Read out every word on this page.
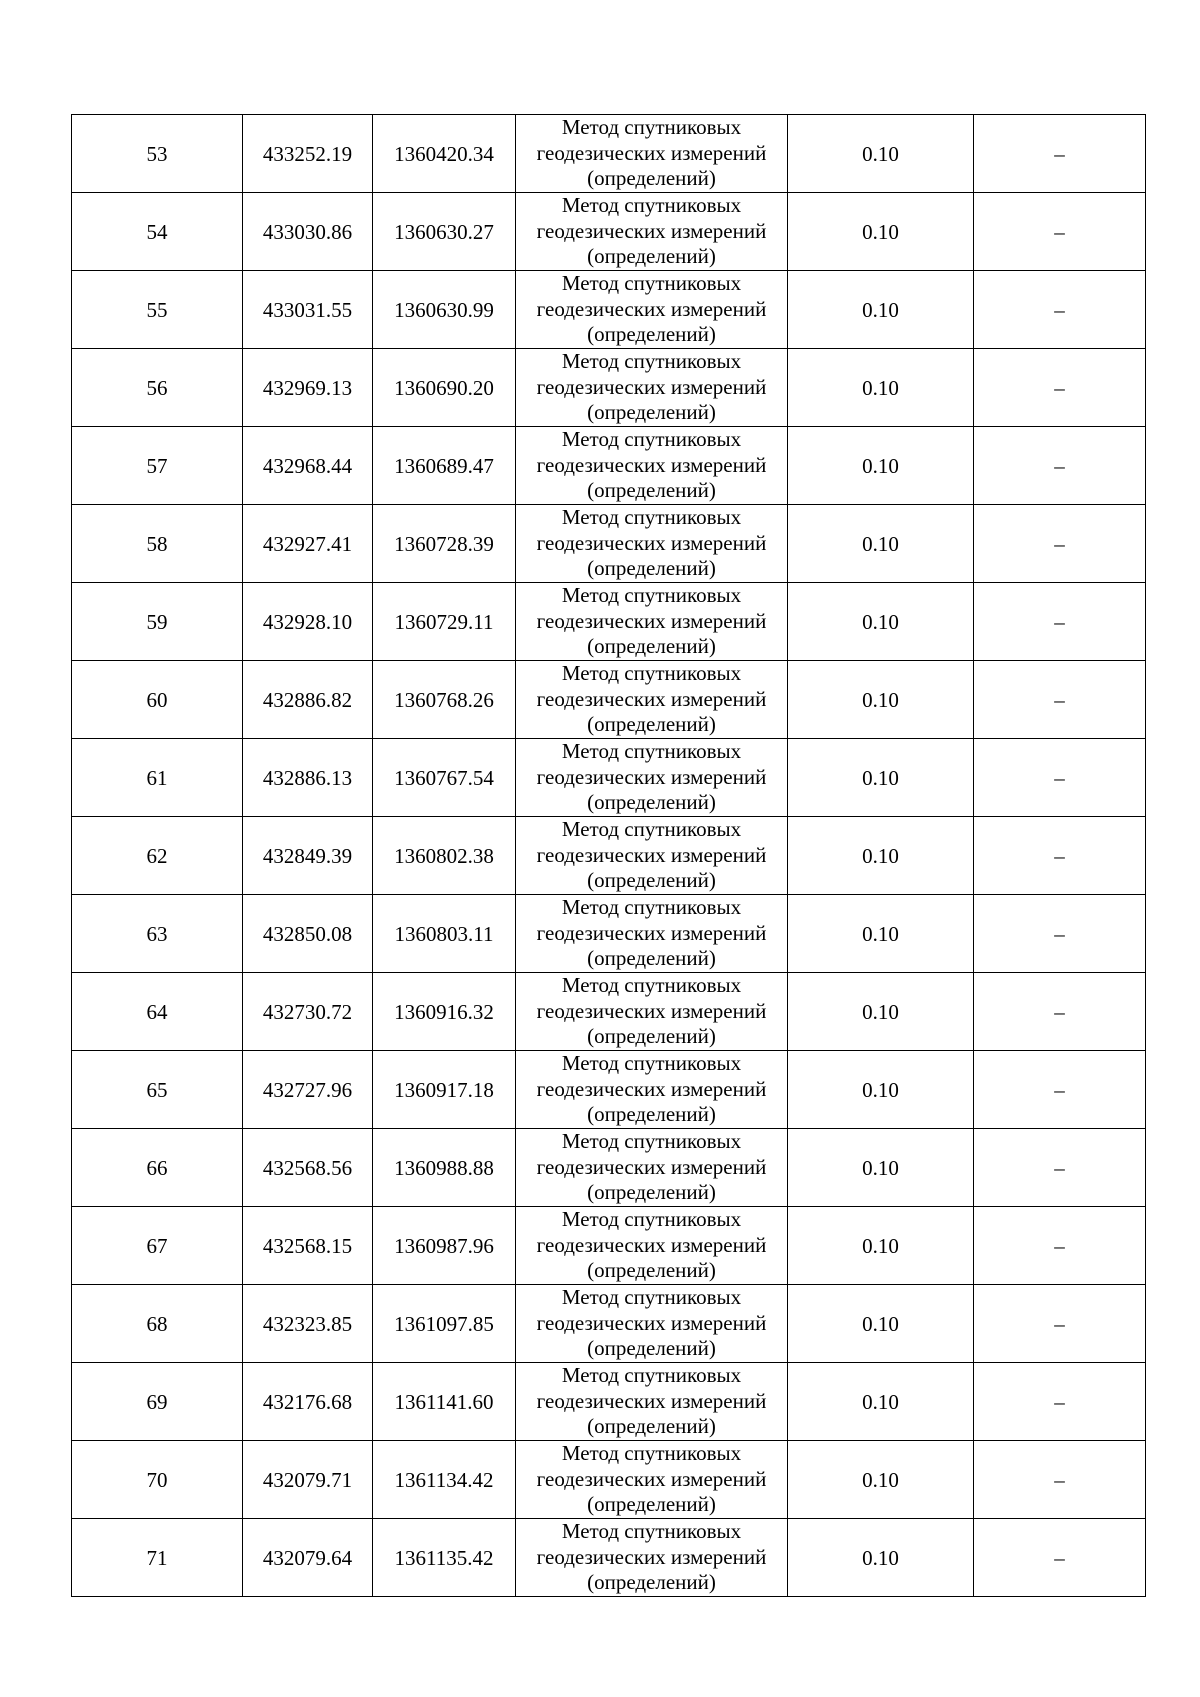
53	433252.19	1360420.34	Метод спутниковых
геодезических измерений
(определений)	0.10	–
54	433030.86	1360630.27	Метод спутниковых
геодезических измерений
(определений)	0.10	–
55	433031.55	1360630.99	Метод спутниковых
геодезических измерений
(определений)	0.10	–
56	432969.13	1360690.20	Метод спутниковых
геодезических измерений
(определений)	0.10	–
57	432968.44	1360689.47	Метод спутниковых
геодезических измерений
(определений)	0.10	–
58	432927.41	1360728.39	Метод спутниковых
геодезических измерений
(определений)	0.10	–
59	432928.10	1360729.11	Метод спутниковых
геодезических измерений
(определений)	0.10	–
60	432886.82	1360768.26	Метод спутниковых
геодезических измерений
(определений)	0.10	–
61	432886.13	1360767.54	Метод спутниковых
геодезических измерений
(определений)	0.10	–
62	432849.39	1360802.38	Метод спутниковых
геодезических измерений
(определений)	0.10	–
63	432850.08	1360803.11	Метод спутниковых
геодезических измерений
(определений)	0.10	–
64	432730.72	1360916.32	Метод спутниковых
геодезических измерений
(определений)	0.10	–
65	432727.96	1360917.18	Метод спутниковых
геодезических измерений
(определений)	0.10	–
66	432568.56	1360988.88	Метод спутниковых
геодезических измерений
(определений)	0.10	–
67	432568.15	1360987.96	Метод спутниковых
геодезических измерений
(определений)	0.10	–
68	432323.85	1361097.85	Метод спутниковых
геодезических измерений
(определений)	0.10	–
69	432176.68	1361141.60	Метод спутниковых
геодезических измерений
(определений)	0.10	–
70	432079.71	1361134.42	Метод спутниковых
геодезических измерений
(определений)	0.10	–
71	432079.64	1361135.42	Метод спутниковых
геодезических измерений
(определений)	0.10	–
